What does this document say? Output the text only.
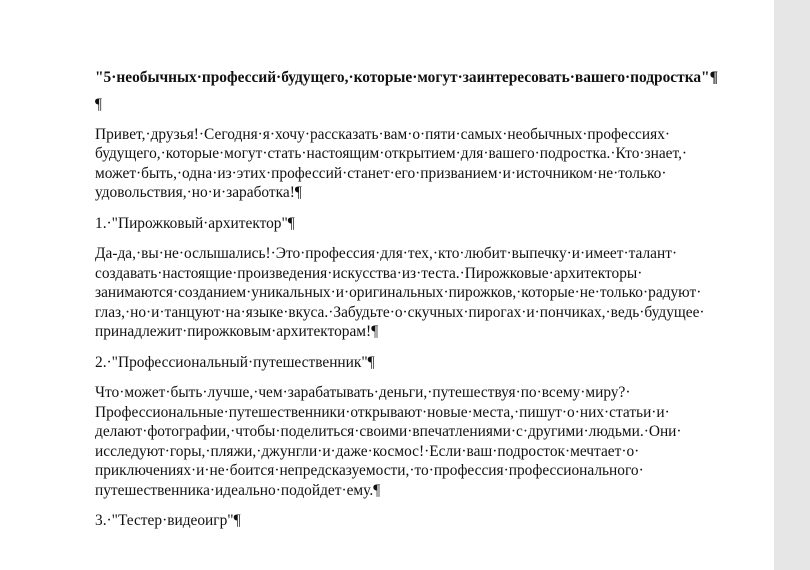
"5·необычных·профессий·будущего,·которые·могут·заинтересовать·вашего·подростка"¶

¶

Привет,·друзья!·Сегодня·я·хочу·рассказать·вам·о·пяти·самых·необычных·профессиях· будущего,·которые·могут·стать·настоящим·открытием·для·вашего·подростка.·Кто·знает,· может·быть,·одна·из·этих·профессий·станет·его·призванием·и·источником·не·только· удовольствия,·но·и·заработка!¶

1.·"Пирожковый·архитектор"¶

Да-да,·вы·не·ослышались!·Это·профессия·для·тех,·кто·любит·выпечку·и·имеет·талант· создавать·настоящие·произведения·искусства·из·теста.·Пирожковые·архитекторы· занимаются·созданием·уникальных·и·оригинальных·пирожков,·которые·не·только·радуют· глаз,·но·и·танцуют·на·языке·вкуса.·Забудьте·о·скучных·пирогах·и·пончиках,·ведь·будущее· принадлежит·пирожковым·архитекторам!¶

2.·"Профессиональный·путешественник"¶

Что·может·быть·лучше,·чем·зарабатывать·деньги,·путешествуя·по·всему·миру?· Профессиональные·путешественники·открывают·новые·места,·пишут·о·них·статьи·и· делают·фотографии,·чтобы·поделиться·своими·впечатлениями·с·другими·людьми.·Они· исследуют·горы,·пляжи,·джунгли·и·даже·космос!·Если·ваш·подросток·мечтает·о· приключениях·и·не·боится·непредсказуемости,·то·профессия·профессионального· путешественника·идеально·подойдет·ему.¶

3.·"Тестер·видеоигр"¶
